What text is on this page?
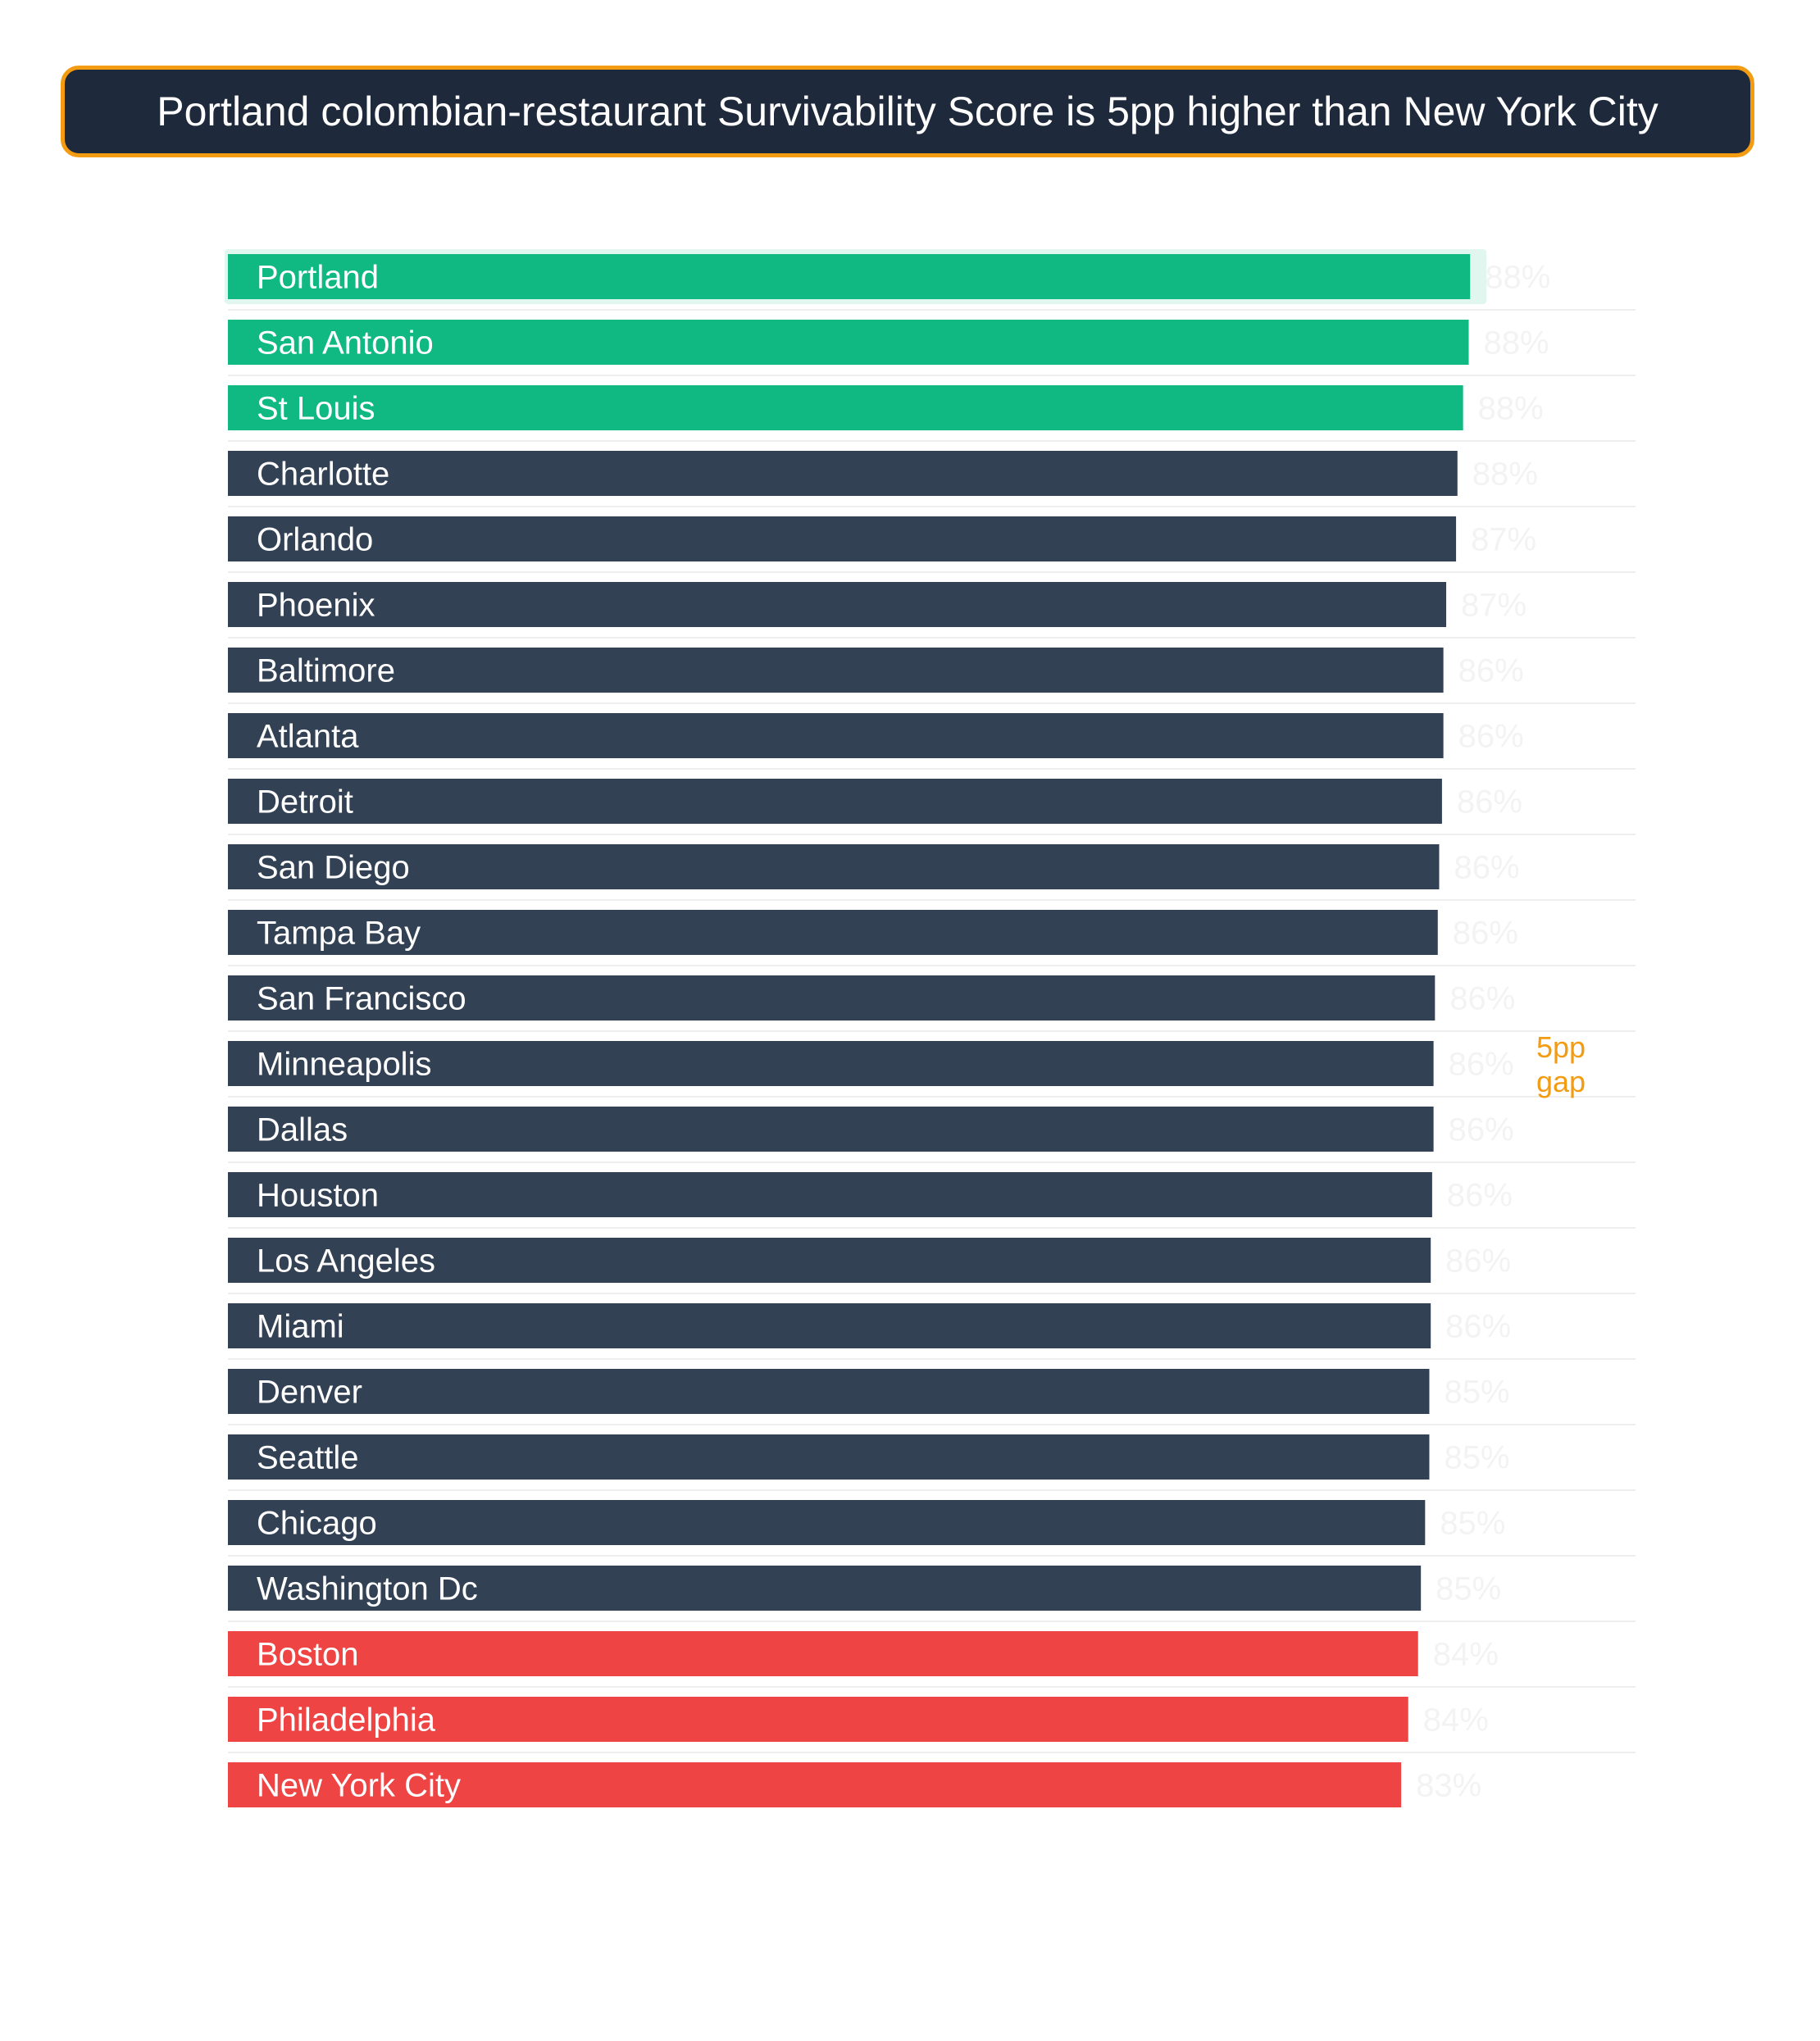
Portland colombian-restaurant Survivability Score is 5pp higher than New York City
Portland	88%
San Antonio	88%
St Louis	88%
Charlotte	88%
Orlando	87%
Phoenix	87%
Baltimore	86%
Atlanta	86%
Detroit	86%
San Diego	86%
Tampa Bay	86%
San Francisco	86%
Minneapolis	86%
Dallas	86%
Houston	86%
Los Angeles	86%
Miami	86%
Denver	85%
Seattle	85%
Chicago	85%
Washington Dc	85%
Boston	84%
Philadelphia	84%
New York City	83%
5pp
gap
